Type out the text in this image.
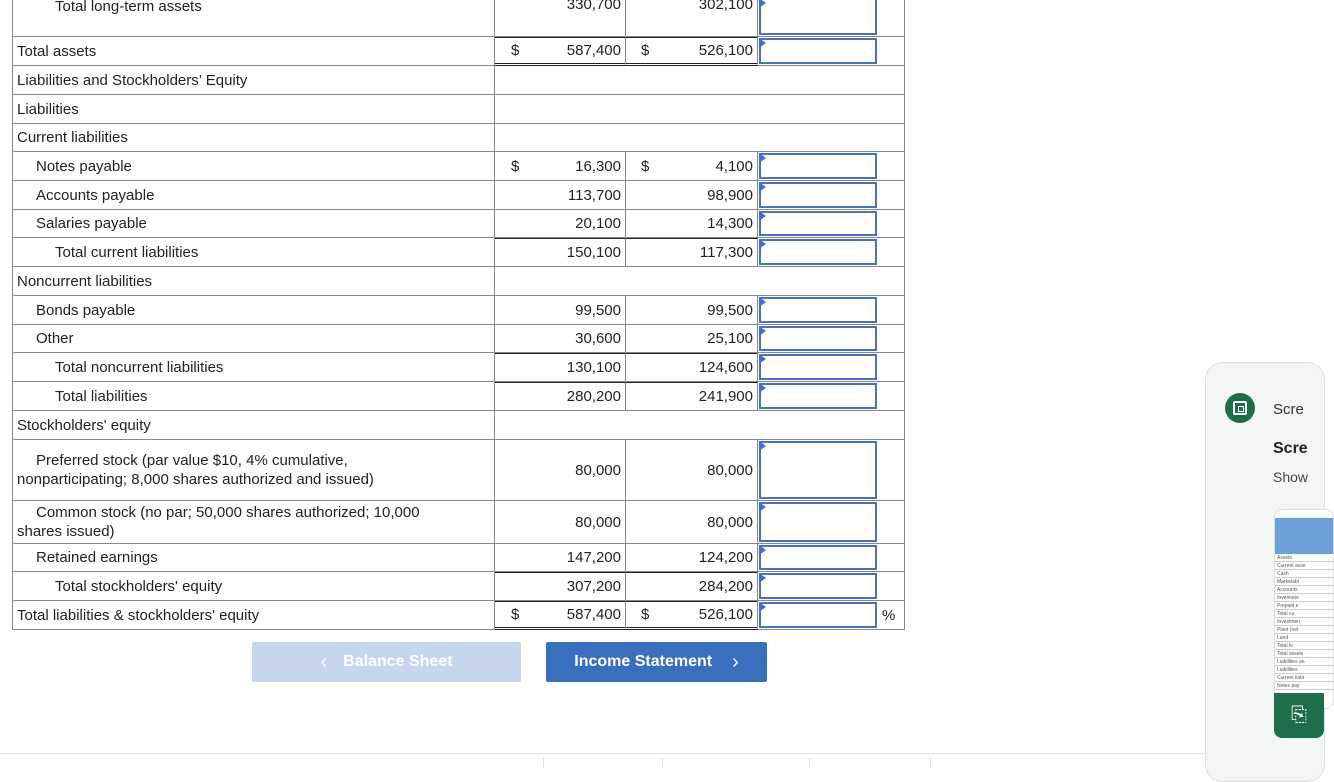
Total long-term assets	330,700	302,100
Total assets	$	587,400 $	526,100
Liabilities and Stockholders’ Equity
Liabilities
Current liabilities
Notes payable	$	16,300 $	4,100
Accounts payable	113,700	98,900
Salaries payable	20,100	14,300
Total current liabilities	150,100	117,300
Noncurrent liabilities
Bonds payable	99,500	99,500
Other	30,600	25,100
Total noncurrent liabilities	130,100	124,600
Total liabilities	280,200	241,900
Stockholders' equity
Preferred stock (par value $10, 4% cumulative,
nonparticipating; 8,000 shares authorized and issued)
80,000	80,000
Common stock (no par; 50,000 shares authorized; 10,000
shares issued)
80,000	80,000
Retained earnings	147,200	124,200
Total stockholders' equity	307,200	284,200
Total liabilities & stockholders' equity	$	587,400 $	526,100	%
‹ Balance Sheet	Income Statement ›
Scre
Scre
Show
Assets
Current asse
Cash
Marketabl
Accounts
Inventorie
Prepaid e
Total cu
Investmen
Plant (net
Land
Total lo
Total assets
Liabilities an
Liabilities
Current liabi
Notes pay
⎘
